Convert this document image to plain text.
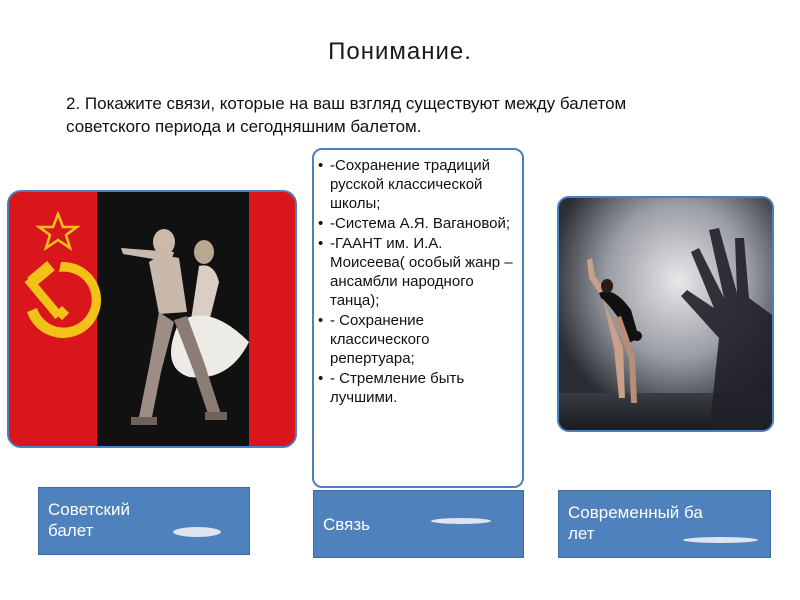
Понимание.
2. Покажите связи, которые на ваш взгляд существуют между балетом советского периода и сегодняшним балетом.
• -Сохранение традиций русской классической школы;
• -Система А.Я. Вагановой;
• -ГААНТ им. И.А. Моисеева( особый жанр –ансамбли народного танца);
• - Сохранение классического репертуара;
• - Стремление быть лучшими.
Советский балет	Связь
Современный балет
